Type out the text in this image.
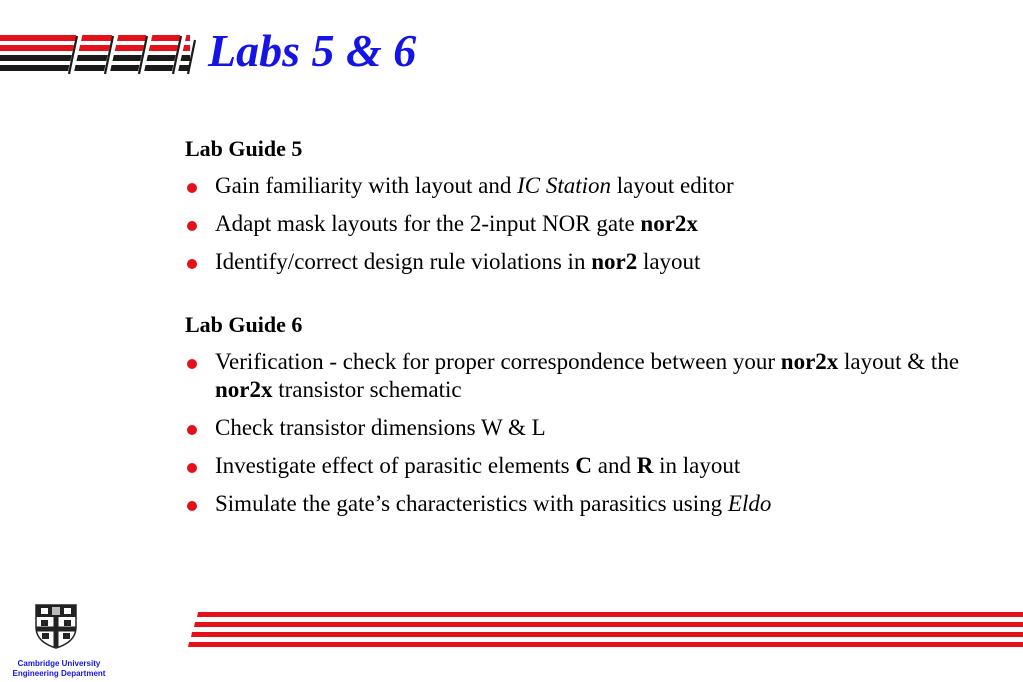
Labs 5 & 6
Lab Guide 5
Gain familiarity with layout and IC Station layout editor
Adapt mask layouts for the 2-input NOR gate nor2x
Identify/correct design rule violations in nor2 layout
Lab Guide 6
Verification - check for proper correspondence between your nor2x layout & the nor2x transistor schematic
Check transistor dimensions W & L
Investigate effect of parasitic elements C and R in layout
Simulate the gate’s characteristics with parasitics using Eldo
Cambridge University
Engineering Department
